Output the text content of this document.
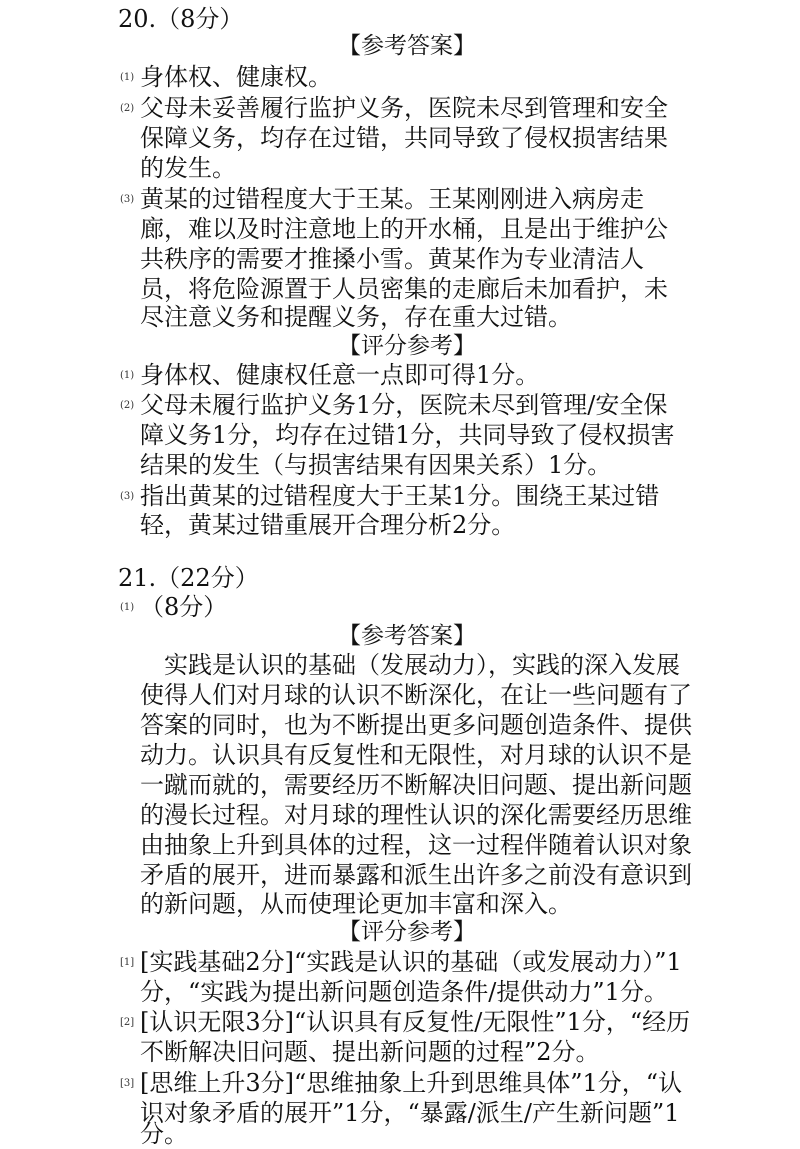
20.（8分）
【参考答案】
(1) 身体权、健康权。
(2) 父母未妥善履行监护义务，医院未尽到管理和安全
保障义务，均存在过错，共同导致了侵权损害结果
的发生。
(3) 黄某的过错程度大于王某。王某刚刚进入病房走
廊，难以及时注意地上的开水桶，且是出于维护公
共秩序的需要才推搡小雪。黄某作为专业清洁人
员，将危险源置于人员密集的走廊后未加看护，未
尽注意义务和提醒义务，存在重大过错。
【评分参考】
(1) 身体权、健康权任意一点即可得1分。
(2) 父母未履行监护义务1分，医院未尽到管理/安全保
障义务1分，均存在过错1分，共同导致了侵权损害
结果的发生（与损害结果有因果关系）1分。
(3) 指出黄某的过错程度大于王某1分。围绕王某过错
轻，黄某过错重展开合理分析2分。
21.（22分）
(1) （8分）
【参考答案】
实践是认识的基础（发展动力），实践的深入发展
使得人们对月球的认识不断深化，在让一些问题有了
答案的同时，也为不断提出更多问题创造条件、提供
动力。认识具有反复性和无限性，对月球的认识不是
一蹴而就的，需要经历不断解决旧问题、提出新问题
的漫长过程。对月球的理性认识的深化需要经历思维
由抽象上升到具体的过程，这一过程伴随着认识对象
矛盾的展开，进而暴露和派生出许多之前没有意识到
的新问题，从而使理论更加丰富和深入。
【评分参考】
[1] [实践基础2分]“实践是认识的基础（或发展动力）”1
分，“实践为提出新问题创造条件/提供动力”1分。
[2] [认识无限3分]“认识具有反复性/无限性”1分，“经历
不断解决旧问题、提出新问题的过程”2分。
[3] [思维上升3分]“思维抽象上升到思维具体”1分，“认
识对象矛盾的展开”1分，“暴露/派生/产生新问题”1
分。
